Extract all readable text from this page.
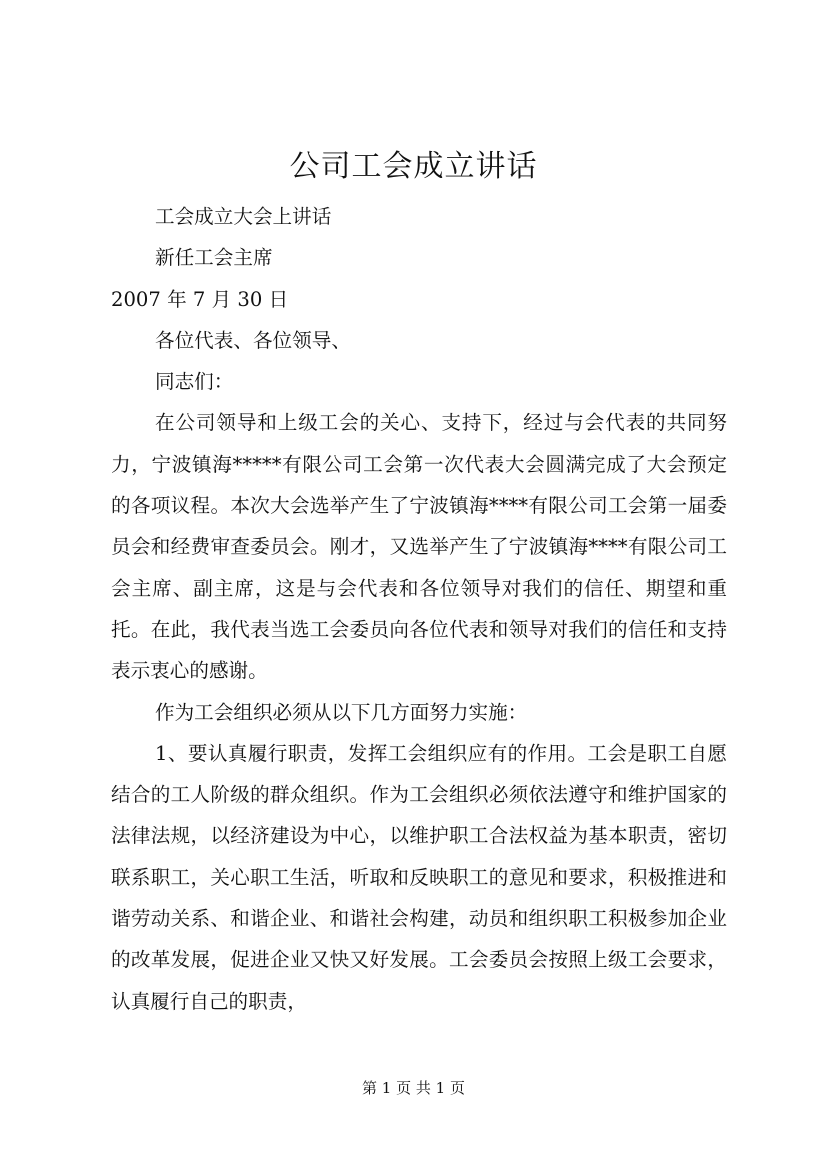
公司工会成立讲话

工会成立大会上讲话

新任工会主席

2007 年 7 月 30 日

各位代表、各位领导、

同志们：

在公司领导和上级工会的关心、支持下，经过与会代表的共同努力，宁波镇海*****有限公司工会第一次代表大会圆满完成了大会预定的各项议程。本次大会选举产生了宁波镇海****有限公司工会第一届委员会和经费审查委员会。刚才，又选举产生了宁波镇海****有限公司工会主席、副主席，这是与会代表和各位领导对我们的信任、期望和重托。在此，我代表当选工会委员向各位代表和领导对我们的信任和支持表示衷心的感谢。

作为工会组织必须从以下几方面努力实施：

1、要认真履行职责，发挥工会组织应有的作用。工会是职工自愿结合的工人阶级的群众组织。作为工会组织必须依法遵守和维护国家的法律法规，以经济建设为中心，以维护职工合法权益为基本职责，密切联系职工，关心职工生活，听取和反映职工的意见和要求，积极推进和谐劳动关系、和谐企业、和谐社会构建，动员和组织职工积极参加企业的改革发展，促进企业又快又好发展。工会委员会按照上级工会要求，认真履行自己的职责，

第 1 页 共 1 页
